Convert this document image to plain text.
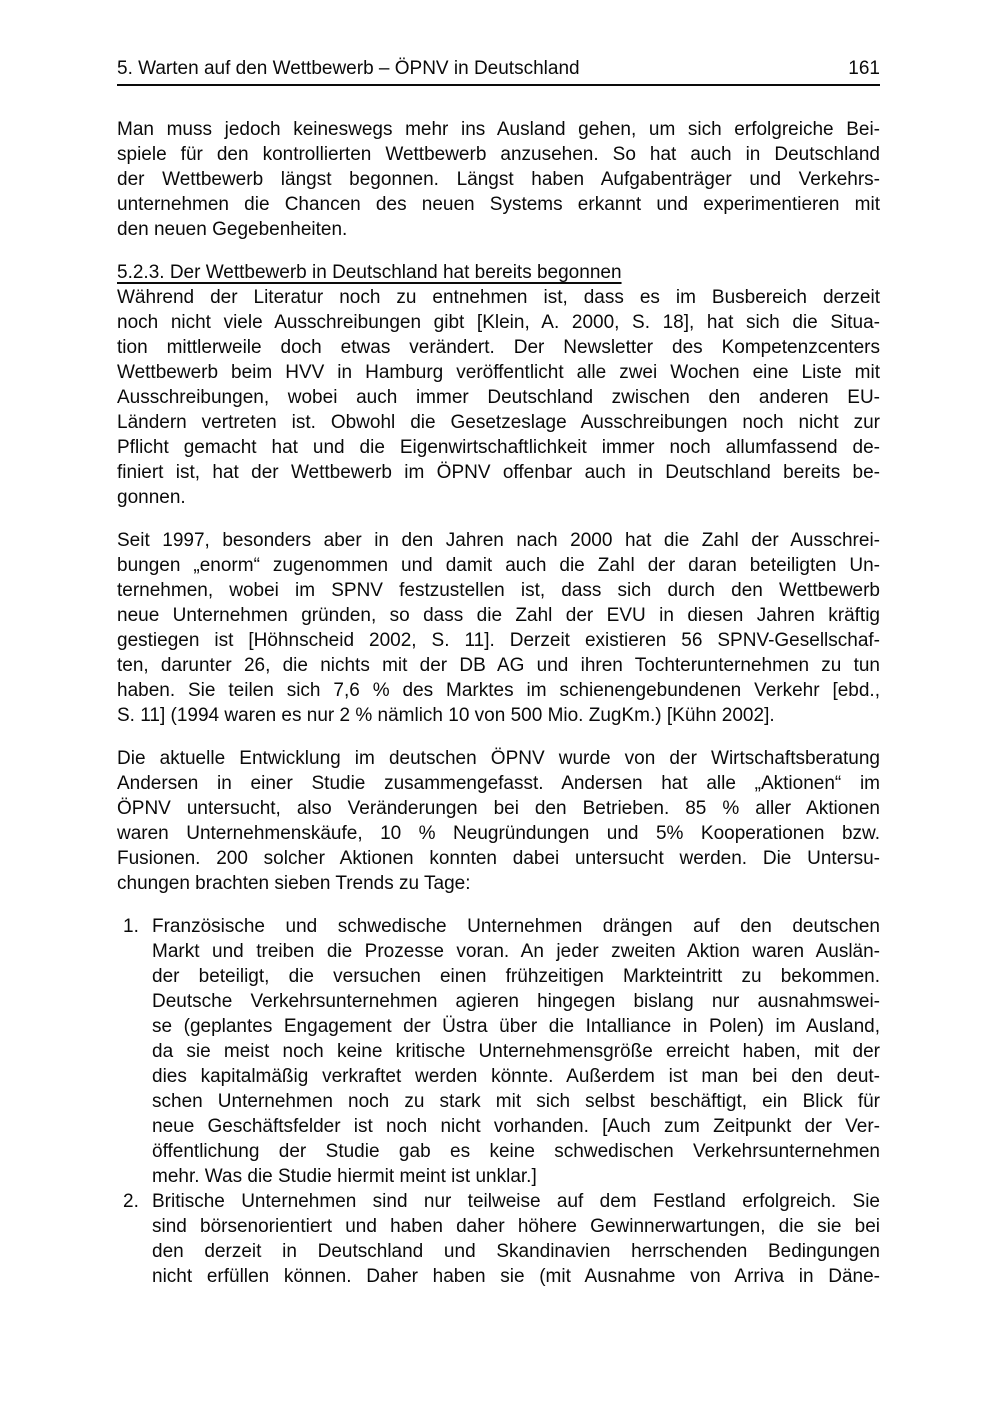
5. Warten auf den Wettbewerb – ÖPNV in Deutschland	161
Man muss jedoch keineswegs mehr ins Ausland gehen, um sich erfolgreiche Bei-
spiele für den kontrollierten Wettbewerb anzusehen. So hat auch in Deutschland
der Wettbewerb längst begonnen. Längst haben Aufgabenträger und Verkehrs-
unternehmen die Chancen des neuen Systems erkannt und experimentieren mit
den neuen Gegebenheiten.
5.2.3. Der Wettbewerb in Deutschland hat bereits begonnen
Während der Literatur noch zu entnehmen ist, dass es im Busbereich derzeit
noch nicht viele Ausschreibungen gibt [Klein, A. 2000, S. 18], hat sich die Situa-
tion mittlerweile doch etwas verändert. Der Newsletter des Kompetenzcenters
Wettbewerb beim HVV in Hamburg veröffentlicht alle zwei Wochen eine Liste mit
Ausschreibungen, wobei auch immer Deutschland zwischen den anderen EU-
Ländern vertreten ist. Obwohl die Gesetzeslage Ausschreibungen noch nicht zur
Pflicht gemacht hat und die Eigenwirtschaftlichkeit immer noch allumfassend de-
finiert ist, hat der Wettbewerb im ÖPNV offenbar auch in Deutschland bereits be-
gonnen.
Seit 1997, besonders aber in den Jahren nach 2000 hat die Zahl der Ausschrei-
bungen „enorm“ zugenommen und damit auch die Zahl der daran beteiligten Un-
ternehmen, wobei im SPNV festzustellen ist, dass sich durch den Wettbewerb
neue Unternehmen gründen, so dass die Zahl der EVU in diesen Jahren kräftig
gestiegen ist [Höhnscheid 2002, S. 11]. Derzeit existieren 56 SPNV-Gesellschaf-
ten, darunter 26, die nichts mit der DB AG und ihren Tochterunternehmen zu tun
haben. Sie teilen sich 7,6 % des Marktes im schienengebundenen Verkehr [ebd.,
S. 11] (1994 waren es nur 2 % nämlich 10 von 500 Mio. ZugKm.) [Kühn 2002].
Die aktuelle Entwicklung im deutschen ÖPNV wurde von der Wirtschaftsberatung
Andersen in einer Studie zusammengefasst. Andersen hat alle „Aktionen“ im
ÖPNV untersucht, also Veränderungen bei den Betrieben. 85 % aller Aktionen
waren Unternehmenskäufe, 10 % Neugründungen und 5% Kooperationen bzw.
Fusionen. 200 solcher Aktionen konnten dabei untersucht werden. Die Untersu-
chungen brachten sieben Trends zu Tage:
1. Französische und schwedische Unternehmen drängen auf den deutschen
Markt und treiben die Prozesse voran. An jeder zweiten Aktion waren Auslän-
der beteiligt, die versuchen einen frühzeitigen Markteintritt zu bekommen.
Deutsche Verkehrsunternehmen agieren hingegen bislang nur ausnahmswei-
se (geplantes Engagement der Üstra über die Intalliance in Polen) im Ausland,
da sie meist noch keine kritische Unternehmensgröße erreicht haben, mit der
dies kapitalmäßig verkraftet werden könnte. Außerdem ist man bei den deut-
schen Unternehmen noch zu stark mit sich selbst beschäftigt, ein Blick für
neue Geschäftsfelder ist noch nicht vorhanden. [Auch zum Zeitpunkt der Ver-
öffentlichung der Studie gab es keine schwedischen Verkehrsunternehmen
mehr. Was die Studie hiermit meint ist unklar.]
2. Britische Unternehmen sind nur teilweise auf dem Festland erfolgreich. Sie
sind börsenorientiert und haben daher höhere Gewinnerwartungen, die sie bei
den derzeit in Deutschland und Skandinavien herrschenden Bedingungen
nicht erfüllen können. Daher haben sie (mit Ausnahme von Arriva in Däne-
